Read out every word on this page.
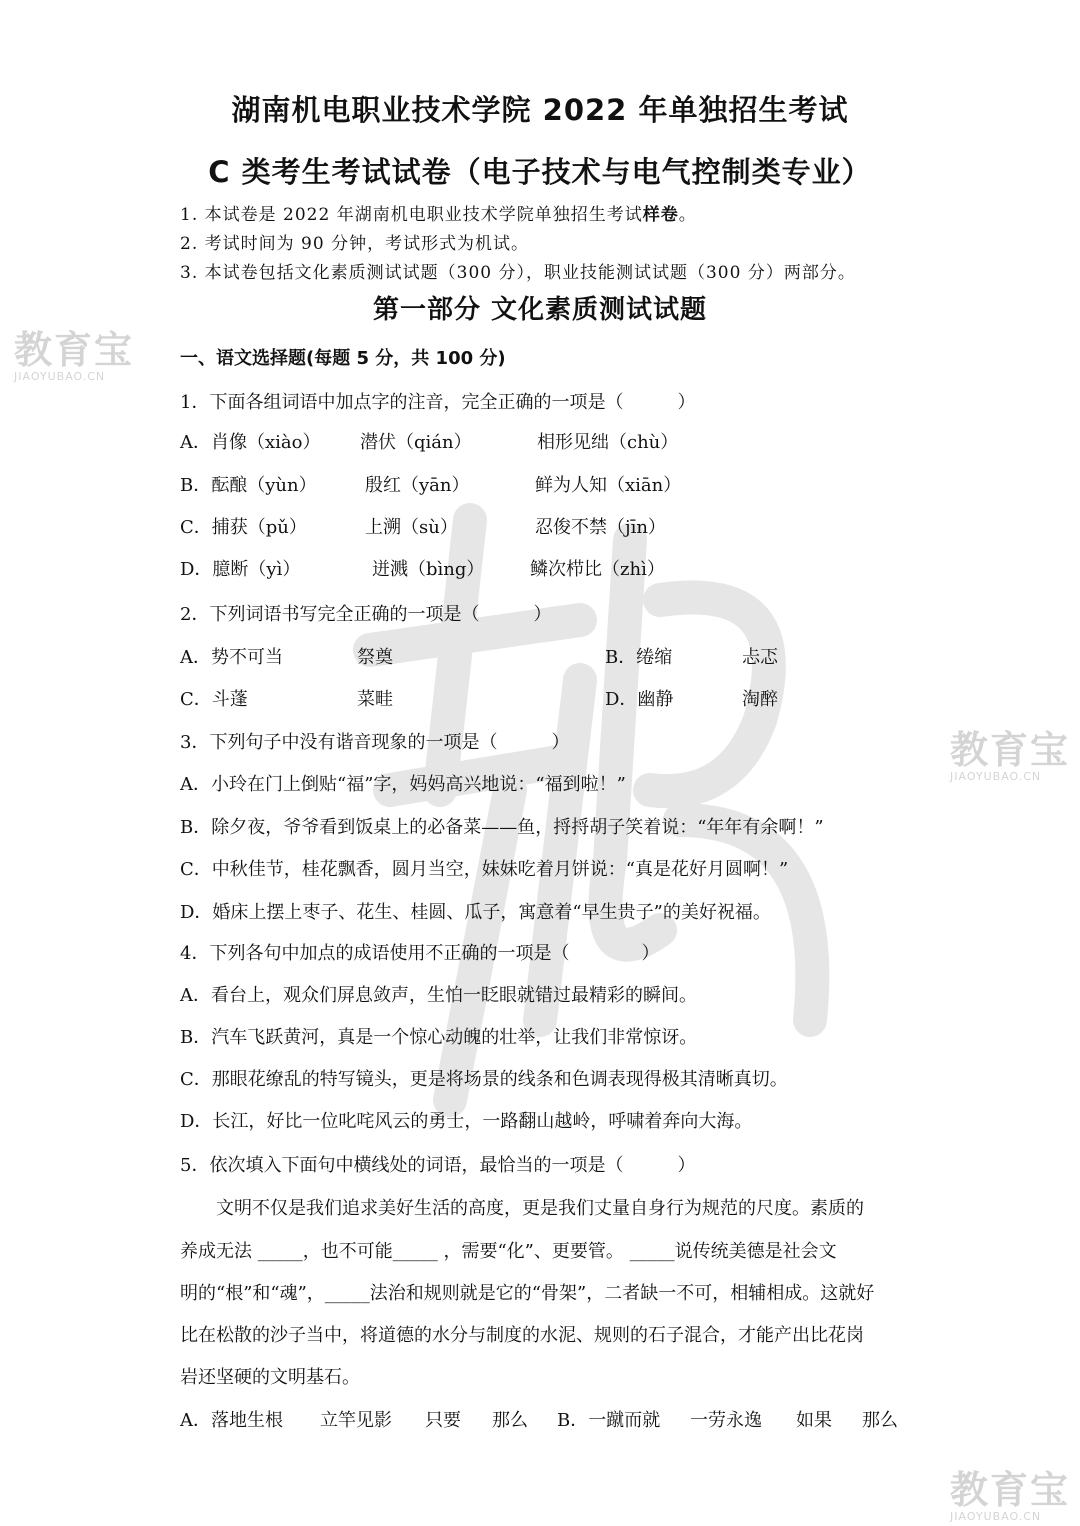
湖南机电职业技术学院 2022 年单独招生考试
C 类考生考试试卷（电子技术与电气控制类专业）
1. 本试卷是 2022 年湖南机电职业技术学院单独招生考试样卷。
2. 考试时间为 90 分钟，考试形式为机试。
3. 本试卷包括文化素质测试试题（300 分），职业技能测试试题（300 分）两部分。
第一部分 文化素质测试试题
一、语文选择题(每题 5 分，共 100 分)
1．下面各组词语中加点字的注音，完全正确的一项是（　　　）
A．肖像（xiào） 潜伏（qián）	相形见绌（chù）
B．酝酿（yùn）	殷红（yān）	鲜为人知（xiān）
C．捕获（pǔ）	上溯（sù）	忍俊不禁（jīn）
D．臆断（yì）	迸溅（bìng）	鳞次栉比（zhì）
2．下列词语书写完全正确的一项是（　　　）
A．势不可当	祭奠	B．绻缩	忐忑
C．斗蓬	菜畦	D．幽静	淘醉
3．下列句子中没有谐音现象的一项是（　　　）
A．小玲在门上倒贴“福”字，妈妈高兴地说：“福到啦！”
B．除夕夜，爷爷看到饭桌上的必备菜——鱼，捋捋胡子笑着说：“年年有余啊！”
C．中秋佳节，桂花飘香，圆月当空，妹妹吃着月饼说：“真是花好月圆啊！”
D．婚床上摆上枣子、花生、桂圆、瓜子，寓意着“早生贵子”的美好祝福。
4．下列各句中加点的成语使用不正确的一项是（　　　　）
A．看台上，观众们屏息敛声，生怕一眨眼就错过最精彩的瞬间。
B．汽车飞跃黄河，真是一个惊心动魄的壮举，让我们非常惊讶。
C．那眼花缭乱的特写镜头，更是将场景的线条和色调表现得极其清晰真切。
D．长江，好比一位叱咤风云的勇士，一路翻山越岭，呼啸着奔向大海。
5．依次填入下面句中横线处的词语，最恰当的一项是（　　　）
　　文明不仅是我们追求美好生活的高度，更是我们丈量自身行为规范的尺度。素质的
养成无法 _____，也不可能_____ ，需要“化”、更要管。 _____说传统美德是社会文
明的“根”和“魂”，_____法治和规则就是它的“骨架”，二者缺一不可，相辅相成。这就好
比在松散的沙子当中，将道德的水分与制度的水泥、规则的石子混合，才能产出比花岗
岩还坚硬的文明基石。
A．落地生根 立竿见影 只要 那么 B．一蹴而就 一劳永逸 如果 那么
教育宝
JIAOYUBAO.CN
教育宝
JIAOYUBAO.CN
教育宝
JIAOYUBAO.CN
